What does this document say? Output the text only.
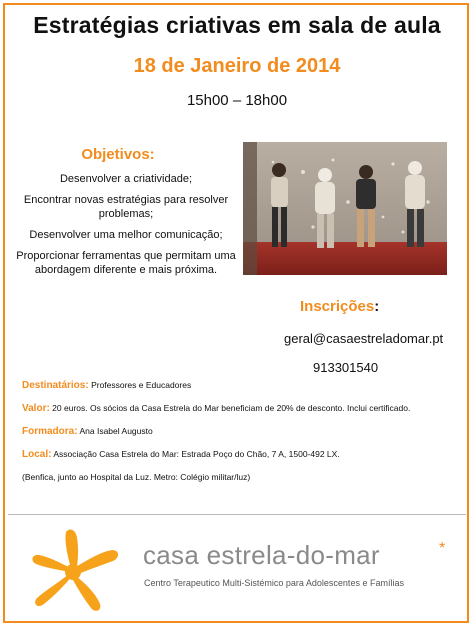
Estratégias criativas em sala de aula
18 de Janeiro de 2014
15h00 – 18h00
Objetivos:
Desenvolver a criatividade;
Encontrar novas estratégias para resolver problemas;
Desenvolver uma melhor comunicação;
Proporcionar ferramentas que permitam uma abordagem diferente e mais próxima.
Inscrições:
geral@casaestreladomar.pt
913301540
Destinatários: Professores e Educadores
Valor: 20 euros. Os sócios da Casa Estrela do Mar beneficiam de 20% de desconto. Inclui certificado.
Formadora: Ana Isabel Augusto
Local: Associação Casa Estrela do Mar: Estrada Poço do Chão, 7 A, 1500-492 LX.
(Benfica, junto ao Hospital da Luz. Metro: Colégio militar/luz)
casa estrela-do-mar	*
Centro Terapeutico Multi-Sistémico para Adolescentes e Famílias
